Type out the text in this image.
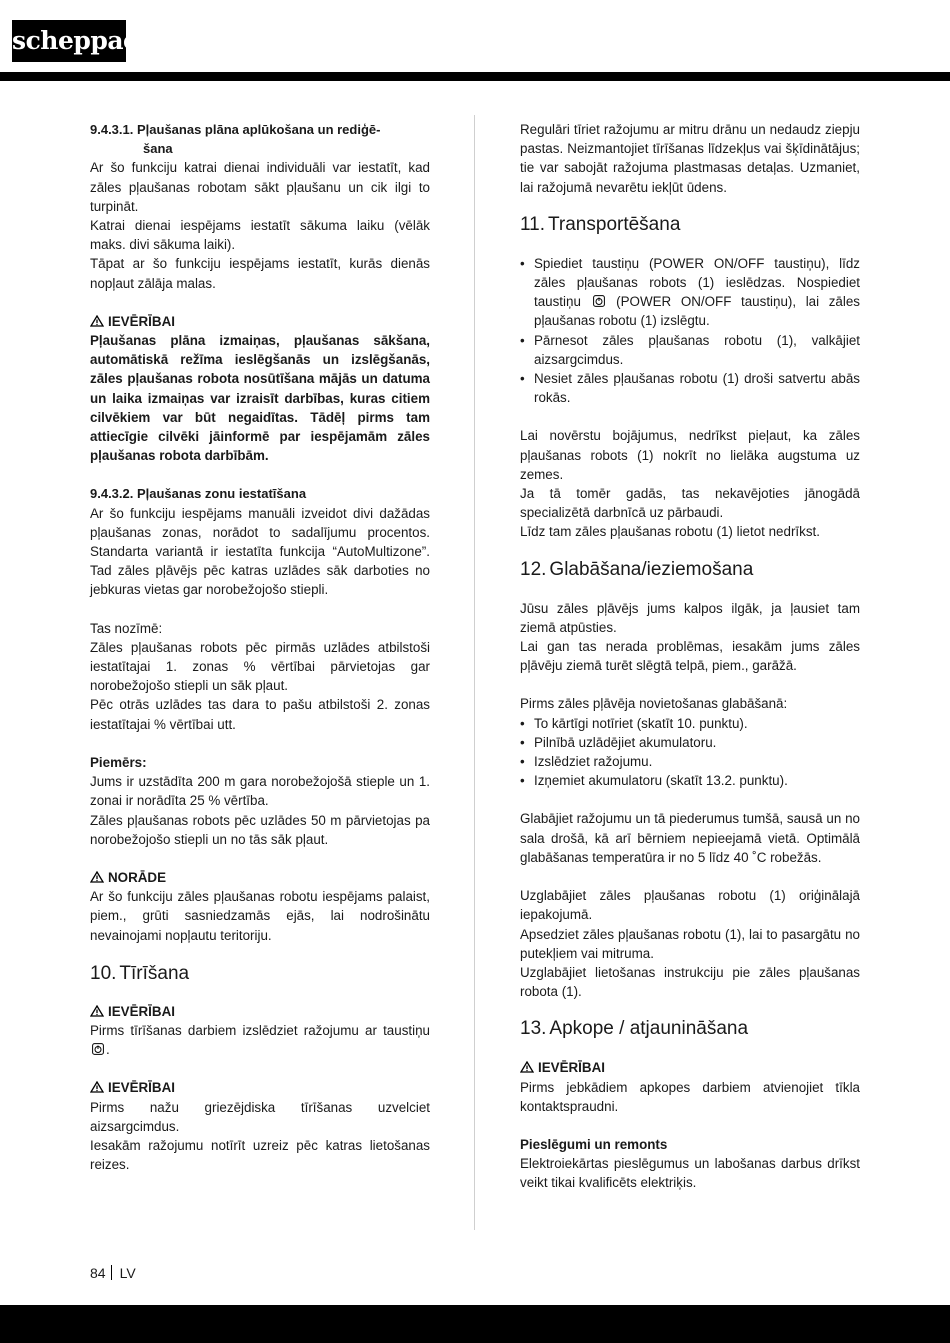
scheppach

9.4.3.1. Pļaušanas plāna aplūkošana un rediģē-

šana

Ar šo funkciju katrai dienai individuāli var iestatīt, kad zāles pļaušanas robotam sākt pļaušanu un cik ilgi to turpināt.

Katrai dienai iespējams iestatīt sākuma laiku (vēlāk maks. divi sākuma laiki).

Tāpat ar šo funkciju iespējams iestatīt, kurās dienās nopļaut zālāja malas.

IEVĒRĪBAI

Pļaušanas plāna izmaiņas, pļaušanas sākšana, automātiskā režīma ieslēgšanās un izslēgšanās, zāles pļaušanas robota nosūtīšana mājās un datuma un laika izmaiņas var izraisīt darbības, kuras citiem cilvēkiem var būt negaidītas. Tādēļ pirms tam attiecīgie cilvēki jāinformē par iespējamām zāles pļaušanas robota darbībām.

9.4.3.2. Pļaušanas zonu iestatīšana

Ar šo funkciju iespējams manuāli izveidot divi dažādas pļaušanas zonas, norādot to sadalījumu procentos. Standarta variantā ir iestatīta funkcija “AutoMultizone”. Tad zāles pļāvējs pēc katras uzlādes sāk darboties no jebkuras vietas gar norobežojošo stiepli.

Tas nozīmē:

Zāles pļaušanas robots pēc pirmās uzlādes atbilstoši iestatītajai 1. zonas % vērtībai pārvietojas gar norobežojošo stiepli un sāk pļaut.

Pēc otrās uzlādes tas dara to pašu atbilstoši 2. zonas iestatītajai % vērtībai utt.

Piemērs:

Jums ir uzstādīta 200 m gara norobežojošā stieple un 1. zonai ir norādīta 25 % vērtība.

Zāles pļaušanas robots pēc uzlādes 50 m pārvietojas pa norobežojošo stiepli un no tās sāk pļaut.

NORĀDE

Ar šo funkciju zāles pļaušanas robotu iespējams palaist, piem., grūti sasniedzamās ejās, lai nodrošinātu nevainojami nopļautu teritoriju.

10. Tīrīšana

IEVĒRĪBAI

Pirms tīrīšanas darbiem izslēdziet ražojumu ar taustiņu .

IEVĒRĪBAI

Pirms nažu griezējdiska tīrīšanas uzvelciet aizsargcimdus.

Iesakām ražojumu notīrīt uzreiz pēc katras lietošanas reizes.

Regulāri tīriet ražojumu ar mitru drānu un nedaudz ziepju pastas. Neizmantojiet tīrīšanas līdzekļus vai šķīdinātājus; tie var sabojāt ražojuma plastmasas detaļas. Uzmaniet, lai ražojumā nevarētu iekļūt ūdens.

11. Transportēšana
• Spiediet taustiņu (POWER ON/OFF taustiņu), līdz zāles pļaušanas robots (1) ieslēdzas. Nospiediet taustiņu	(POWER ON/OFF taustiņu), lai zāles pļaušanas robotu (1) izslēgtu.
• Pārnesot zāles pļaušanas robotu (1), valkājiet aizsargcimdus.
• Nesiet zāles pļaušanas robotu (1) droši satvertu abās rokās.

Lai novērstu bojājumus, nedrīkst pieļaut, ka zāles pļaušanas robots (1) nokrīt no lielāka augstuma uz zemes.

Ja tā tomēr gadās, tas nekavējoties jānogādā specializētā darbnīcā uz pārbaudi.

Līdz tam zāles pļaušanas robotu (1) lietot nedrīkst.

12. Glabāšana/ieziemošana

Jūsu zāles pļāvējs jums kalpos ilgāk, ja ļausiet tam ziemā atpūsties.

Lai gan tas nerada problēmas, iesakām jums zāles pļāvēju ziemā turēt slēgtā telpā, piem., garāžā.

Pirms zāles pļāvēja novietošanas glabāšanā:

• To kārtīgi notīriet (skatīt 10. punktu).
• Pilnībā uzlādējiet akumulatoru.
• Izslēdziet ražojumu.
• Izņemiet akumulatoru (skatīt 13.2. punktu).

Glabājiet ražojumu un tā piederumus tumšā, sausā un no sala drošā, kā arī bērniem nepieejamā vietā. Optimālā glabāšanas temperatūra ir no 5 līdz 40 ˚C robežās.

Uzglabājiet zāles pļaušanas robotu (1) oriģinālajā iepakojumā.

Apsedziet zāles pļaušanas robotu (1), lai to pasargātu no putekļiem vai mitruma.

Uzglabājiet lietošanas instrukciju pie zāles pļaušanas robota (1).

13. Apkope / atjaunināšana

IEVĒRĪBAI

Pirms jebkādiem apkopes darbiem atvienojiet tīkla kontaktspraudni.

Pieslēgumi un remonts

Elektroiekārtas pieslēgumus un labošanas darbus drīkst veikt tikai kvalificēts elektriķis.

84 LV
